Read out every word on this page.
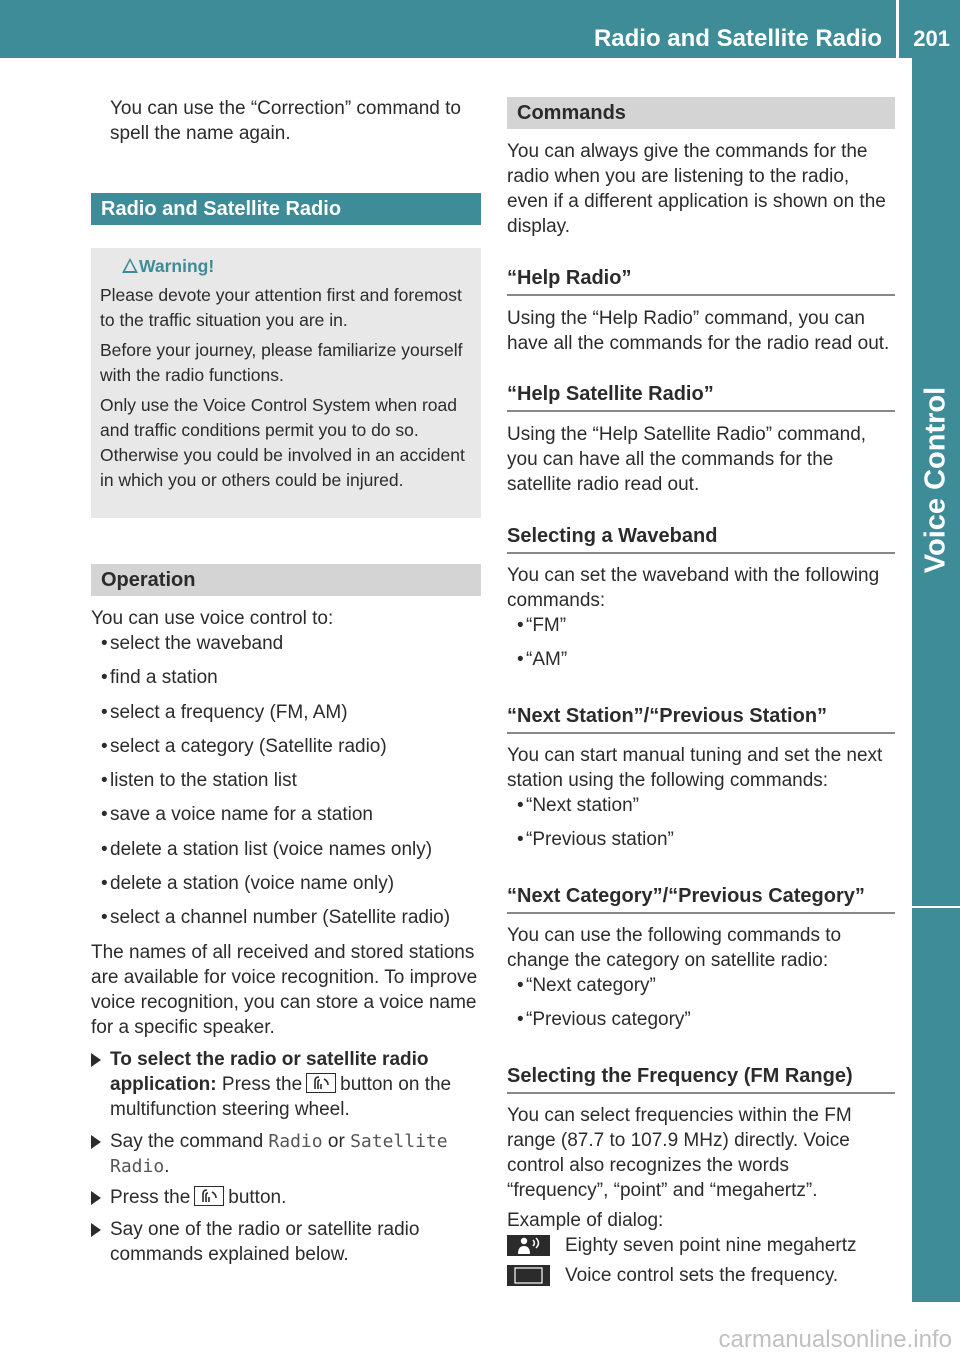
Radio and Satellite Radio 201
Voice Control

You can use the “Correction” command to spell the name again.

Radio and Satellite Radio

Warning!

Please devote your attention first and foremost to the traffic situation you are in.

Before your journey, please familiarize yourself with the radio functions.

Only use the Voice Control System when road and traffic conditions permit you to do so. Otherwise you could be involved in an accident in which you or others could be injured.

Operation

You can use voice control to:

• select the waveband
• find a station
• select a frequency (FM, AM)
• select a category (Satellite radio)
• listen to the station list
• save a voice name for a station
• delete a station list (voice names only)
• delete a station (voice name only)
• select a channel number (Satellite radio)

The names of all received and stored stations are available for voice recognition. To improve voice recognition, you can store a voice name for a specific speaker.

To select the radio or satellite radio application: Press the button on the multifunction steering wheel.
Say the command Radio or Satellite Radio.
Press the button.
Say one of the radio or satellite radio commands explained below.
Commands

You can always give the commands for the radio when you are listening to the radio, even if a different application is shown on the display.

“Help Radio”

Using the “Help Radio” command, you can have all the commands for the radio read out.

“Help Satellite Radio”

Using the “Help Satellite Radio” command, you can have all the commands for the satellite radio read out.

Selecting a Waveband

You can set the waveband with the following commands:

• “FM”
• “AM”
“Next Station”/“Previous Station”

You can start manual tuning and set the next station using the following commands:

• “Next station”
• “Previous station”
“Next Category”/“Previous Category”

You can use the following commands to change the category on satellite radio:

• “Next category”
• “Previous category”
Selecting the Frequency (FM Range)

You can select frequencies within the FM range (87.7 to 107.9 MHz) directly. Voice control also recognizes the words “frequency”, “point” and “megahertz”.

Example of dialog:

Eighty seven point nine megahertz
Voice control sets the frequency.
carmanualsonline.info
